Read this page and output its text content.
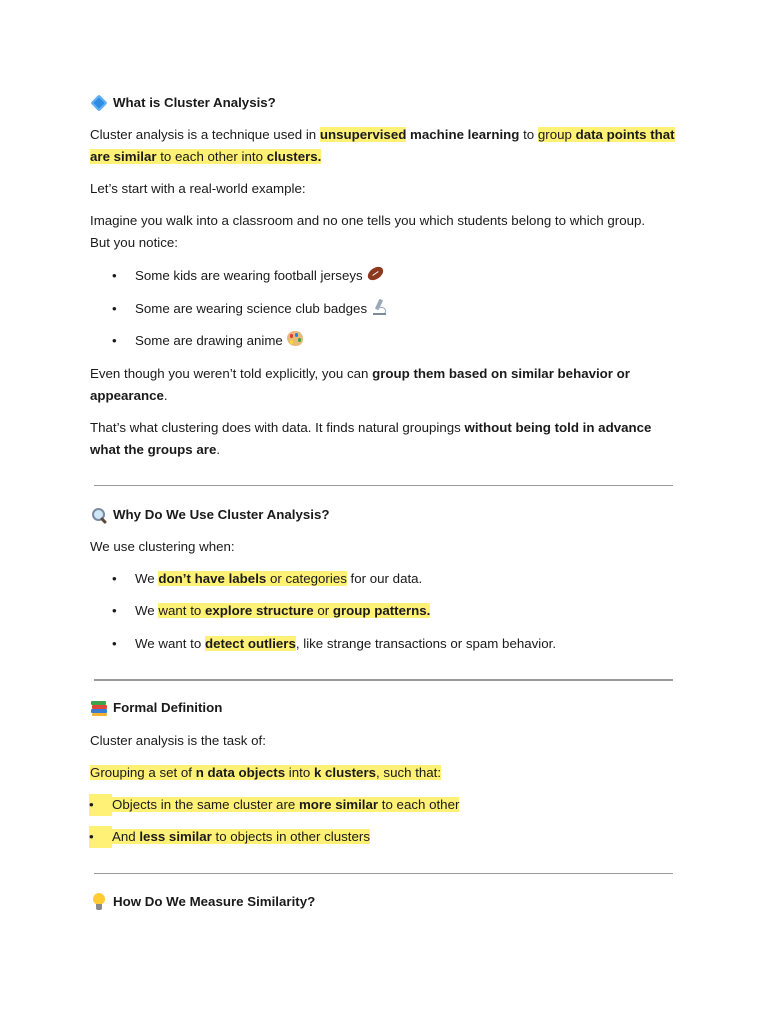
What is Cluster Analysis?
Cluster analysis is a technique used in unsupervised machine learning to group data points that
are similar to each other into clusters.
Let’s start with a real-world example:
Imagine you walk into a classroom and no one tells you which students belong to which group.
But you notice:
• Some kids are wearing football jerseys
• Some are wearing science club badges
• Some are drawing anime
Even though you weren’t told explicitly, you can group them based on similar behavior or
appearance.
That’s what clustering does with data. It finds natural groupings without being told in advance
what the groups are.
Why Do We Use Cluster Analysis?
We use clustering when:
• We don’t have labels or categories for our data.
• We want to explore structure or group patterns.
• We want to detect outliers, like strange transactions or spam behavior.
Formal Definition
Cluster analysis is the task of:
Grouping a set of n data objects into k clusters, such that:

• Objects in the same cluster are more similar to each other

• And less similar to objects in other clusters
How Do We Measure Similarity?
